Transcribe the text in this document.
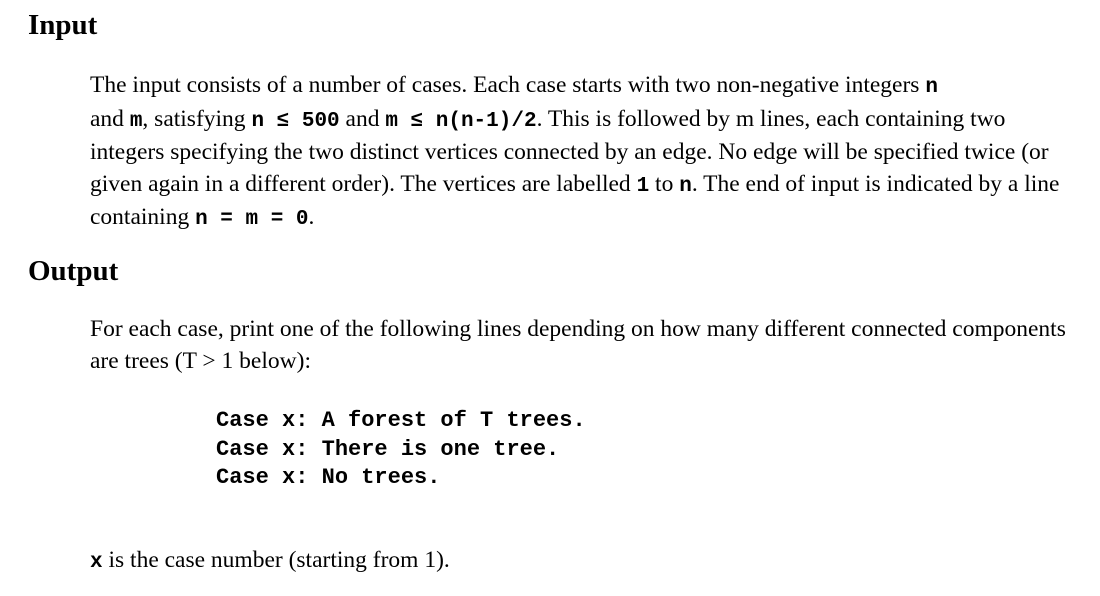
Input

The input consists of a number of cases. Each case starts with two non-negative integers n
and m, satisfying n ≤ 500 and m ≤ n(n-1)/2. This is followed by m lines, each containing two integers specifying the two distinct vertices connected by an edge. No edge will be specified twice (or given again in a different order). The vertices are labelled 1 to n. The end of input is indicated by a line containing n = m = 0.

Output

For each case, print one of the following lines depending on how many different connected components are trees (T > 1 below):

Case x: A forest of T trees.
Case x: There is one tree.
Case x: No trees.

x is the case number (starting from 1).
